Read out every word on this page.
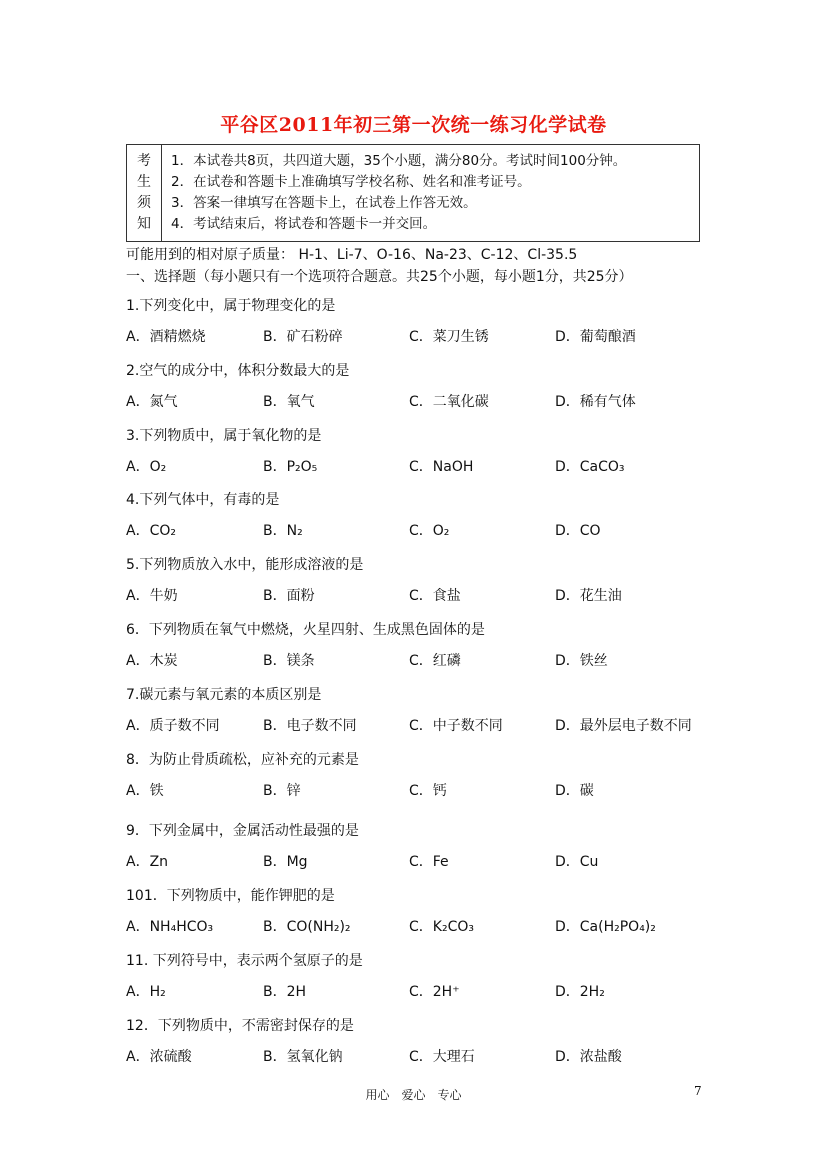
平谷区2011年初三第一次统一练习化学试卷
考
生
须
知
1．本试卷共8页，共四道大题，35个小题，满分80分。考试时间100分钟。
2．在试卷和答题卡上准确填写学校名称、姓名和准考证号。
3．答案一律填写在答题卡上，在试卷上作答无效。
4．考试结束后，将试卷和答题卡一并交回。
可能用到的相对原子质量： H-1、Li-7、O-16、Na-23、C-12、Cl-35.5
一、选择题（每小题只有一个选项符合题意。共25个小题，每小题1分，共25分）
1.下列变化中，属于物理变化的是
A．酒精燃烧	B．矿石粉碎	C．菜刀生锈	D．葡萄酿酒
2.空气的成分中，体积分数最大的是
A．氮气	B．氧气	C．二氧化碳	D．稀有气体
3.下列物质中，属于氧化物的是
A．O₂	B．P₂O₅	C．NaOH	D．CaCO₃
4.下列气体中，有毒的是
A．CO₂	B．N₂	C．O₂	D．CO
5.下列物质放入水中，能形成溶液的是
A．牛奶	B．面粉	C．食盐	D．花生油
6．下列物质在氧气中燃烧，火星四射、生成黑色固体的是
A．木炭	B．镁条	C．红磷	D．铁丝
7.碳元素与氧元素的本质区别是
A．质子数不同	B．电子数不同	C．中子数不同	D．最外层电子数不同
8．为防止骨质疏松，应补充的元素是
A．铁	B．锌	C．钙	D．碳
9．下列金属中，金属活动性最强的是
A．Zn	B．Mg	C．Fe	D．Cu
101．下列物质中，能作钾肥的是
A．NH₄HCO₃	B．CO(NH₂)₂	C．K₂CO₃	D．Ca(H₂PO₄)₂
11. 下列符号中，表示两个氢原子的是
A．H₂	B．2H	C．2H⁺	D．2H₂
12．下列物质中，不需密封保存的是
A．浓硫酸	B．氢氧化钠	C．大理石	D．浓盐酸
用心　爱心　专心	7
